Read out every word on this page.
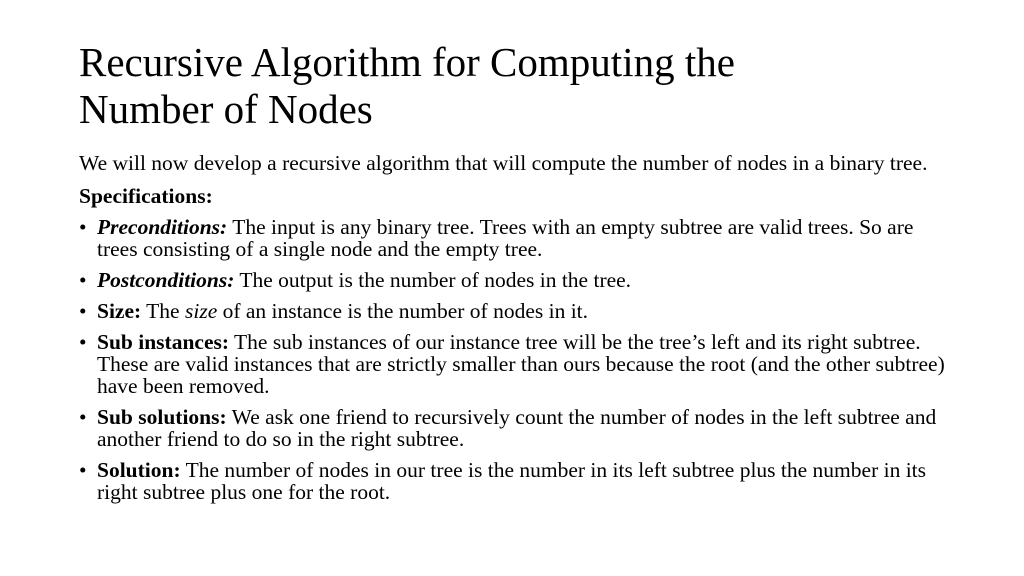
Recursive Algorithm for Computing the
Number of Nodes

We will now develop a recursive algorithm that will compute the number of nodes in a binary tree.

Specifications:

• Preconditions: The input is any binary tree. Trees with an empty subtree are valid trees. So are trees consisting of a single node and the empty tree.
• Postconditions: The output is the number of nodes in the tree.
• Size: The size of an instance is the number of nodes in it.
• Sub instances: The sub instances of our instance tree will be the tree’s left and its right subtree. These are valid instances that are strictly smaller than ours because the root (and the other subtree) have been removed.
• Sub solutions: We ask one friend to recursively count the number of nodes in the left subtree and another friend to do so in the right subtree.
• Solution: The number of nodes in our tree is the number in its left subtree plus the number in its right subtree plus one for the root.
